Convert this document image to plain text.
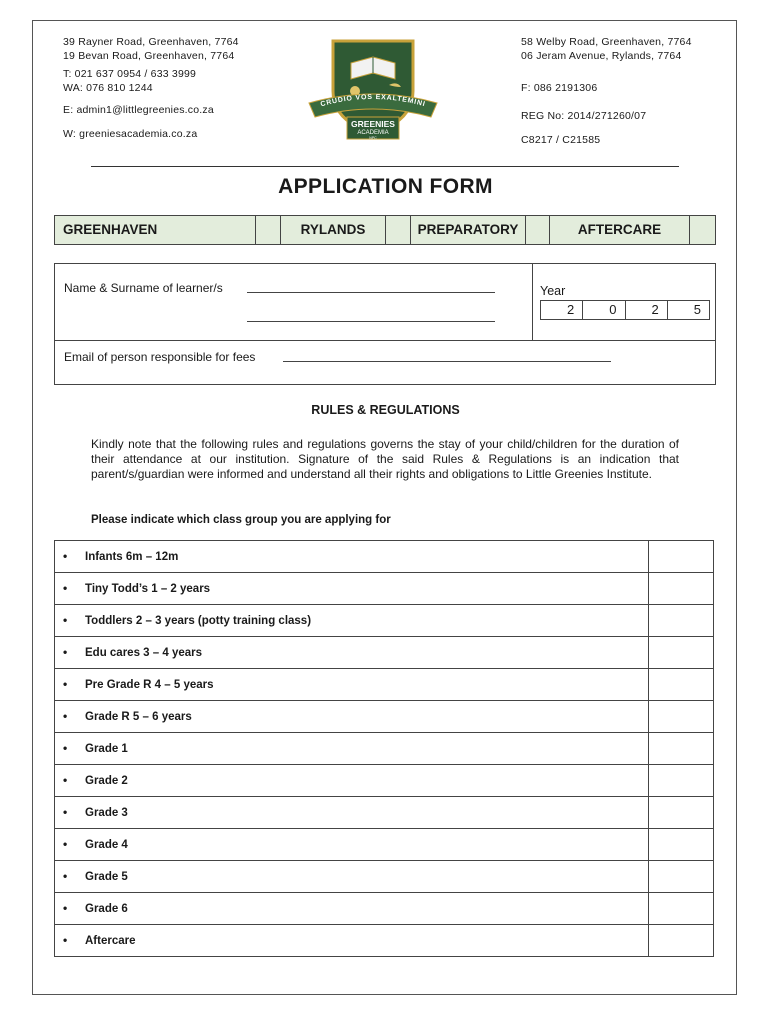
39 Rayner Road, Greenhaven, 7764
19 Bevan Road, Greenhaven, 7764
T: 021 637 0954 / 633 3999
WA: 076 810 1244
E: admin1@littlegreenies.co.za
W: greeniesacademia.co.za
CRUDIO VOS EXALTEMINI
GREENIES
ACADEMIA
NPC
58 Welby Road, Greenhaven, 7764
06 Jeram Avenue, Rylands, 7764
F: 086 2191306
REG No: 2014/271260/07
C8217 / C21585
APPLICATION FORM
GREENHAVEN	RYLANDS	PREPARATORY	AFTERCARE
Name & Surname of learner/s	Year
2	0	2	5
Email of person responsible for fees
RULES & REGULATIONS
Kindly note that the following rules and regulations governs the stay of your child/children for the duration of their attendance at our institution. Signature of the said Rules & Regulations is an indication that parent/s/guardian were informed and understand all their rights and obligations to Little Greenies Institute.
Please indicate which class group you are applying for
• Infants 6m – 12m
• Tiny Todd’s 1 – 2 years
• Toddlers 2 – 3 years (potty training class)
• Edu cares 3 – 4 years
• Pre Grade R 4 – 5 years
• Grade R 5 – 6 years
• Grade 1
• Grade 2
• Grade 3
• Grade 4
• Grade 5
• Grade 6
• Aftercare
